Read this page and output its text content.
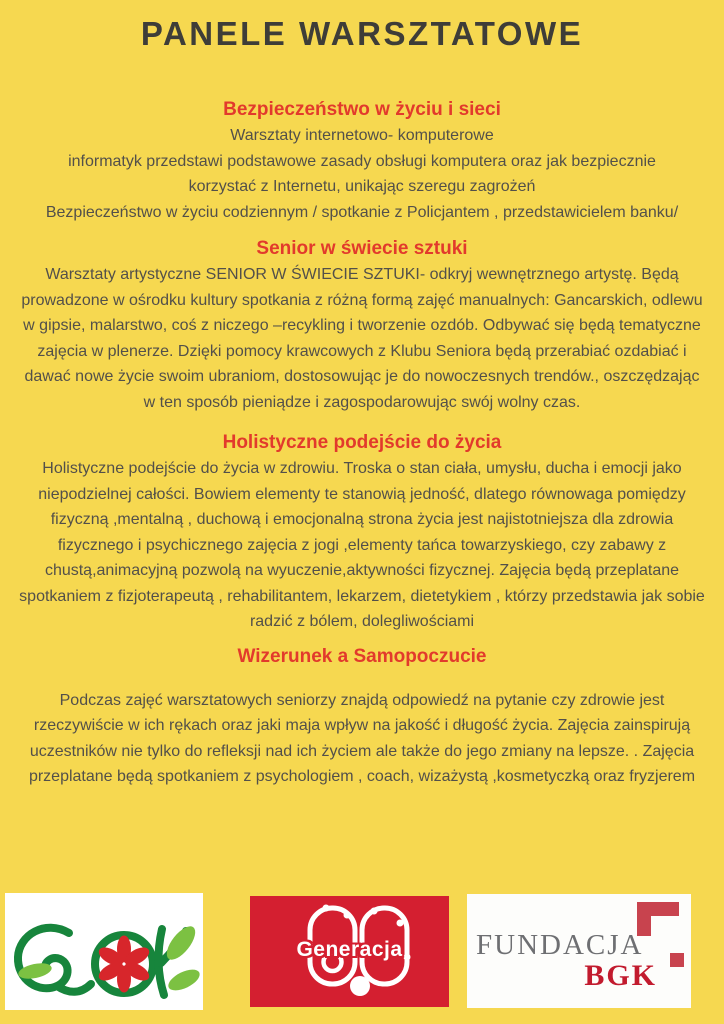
PANELE WARSZTATOWE
Bezpieczeństwo w życiu i sieci

Warsztaty internetowo- komputerowe

informatyk przedstawi podstawowe zasady obsługi komputera oraz jak bezpiecznie korzystać z Internetu, unikając szeregu zagrożeń

Bezpieczeństwo w życiu codziennym / spotkanie z Policjantem , przedstawicielem banku/

Senior w świecie sztuki

Warsztaty artystyczne SENIOR W ŚWIECIE SZTUKI- odkryj wewnętrznego artystę. Będą prowadzone w ośrodku kultury spotkania z różną formą zajęć manualnych: Gancarskich, odlewu w gipsie, malarstwo, coś z niczego –recykling i tworzenie ozdób. Odbywać się będą tematyczne zajęcia w plenerze. Dzięki pomocy krawcowych z Klubu Seniora będą przerabiać ozdabiać i dawać nowe życie swoim ubraniom, dostosowując je do nowoczesnych trendów., oszczędzając w ten sposób pieniądze i zagospodarowując swój wolny czas.

Holistyczne podejście do życia

Holistyczne podejście do życia w zdrowiu. Troska o stan ciała, umysłu, ducha i emocji jako niepodzielnej całości. Bowiem elementy te stanowią jedność, dlatego równowaga pomiędzy fizyczną ,mentalną , duchową i emocjonalną strona życia jest najistotniejsza dla zdrowia fizycznego i psychicznego zajęcia z jogi ,elementy tańca towarzyskiego, czy zabawy z chustą,animacyjną pozwolą na wyuczenie,aktywności fizycznej. Zajęcia będą przeplatane spotkaniem z fizjoterapeutą , rehabilitantem, lekarzem, dietetykiem , którzy przedstawia jak sobie radzić z bólem, dolegliwościami

Wizerunek a Samopoczucie

Podczas zajęć warsztatowych seniorzy znajdą odpowiedź na pytanie czy zdrowie jest rzeczywiście w ich rękach oraz jaki maja wpływ na jakość i długość życia. Zajęcia zainspirują uczestników nie tylko do refleksji nad ich życiem ale także do jego zmiany na lepsze. . Zajęcia przeplatane będą spotkaniem z psychologiem , coach, wizażystą ,kosmetyczką oraz fryzjerem

Generacja	FUNDACJA
BGK
